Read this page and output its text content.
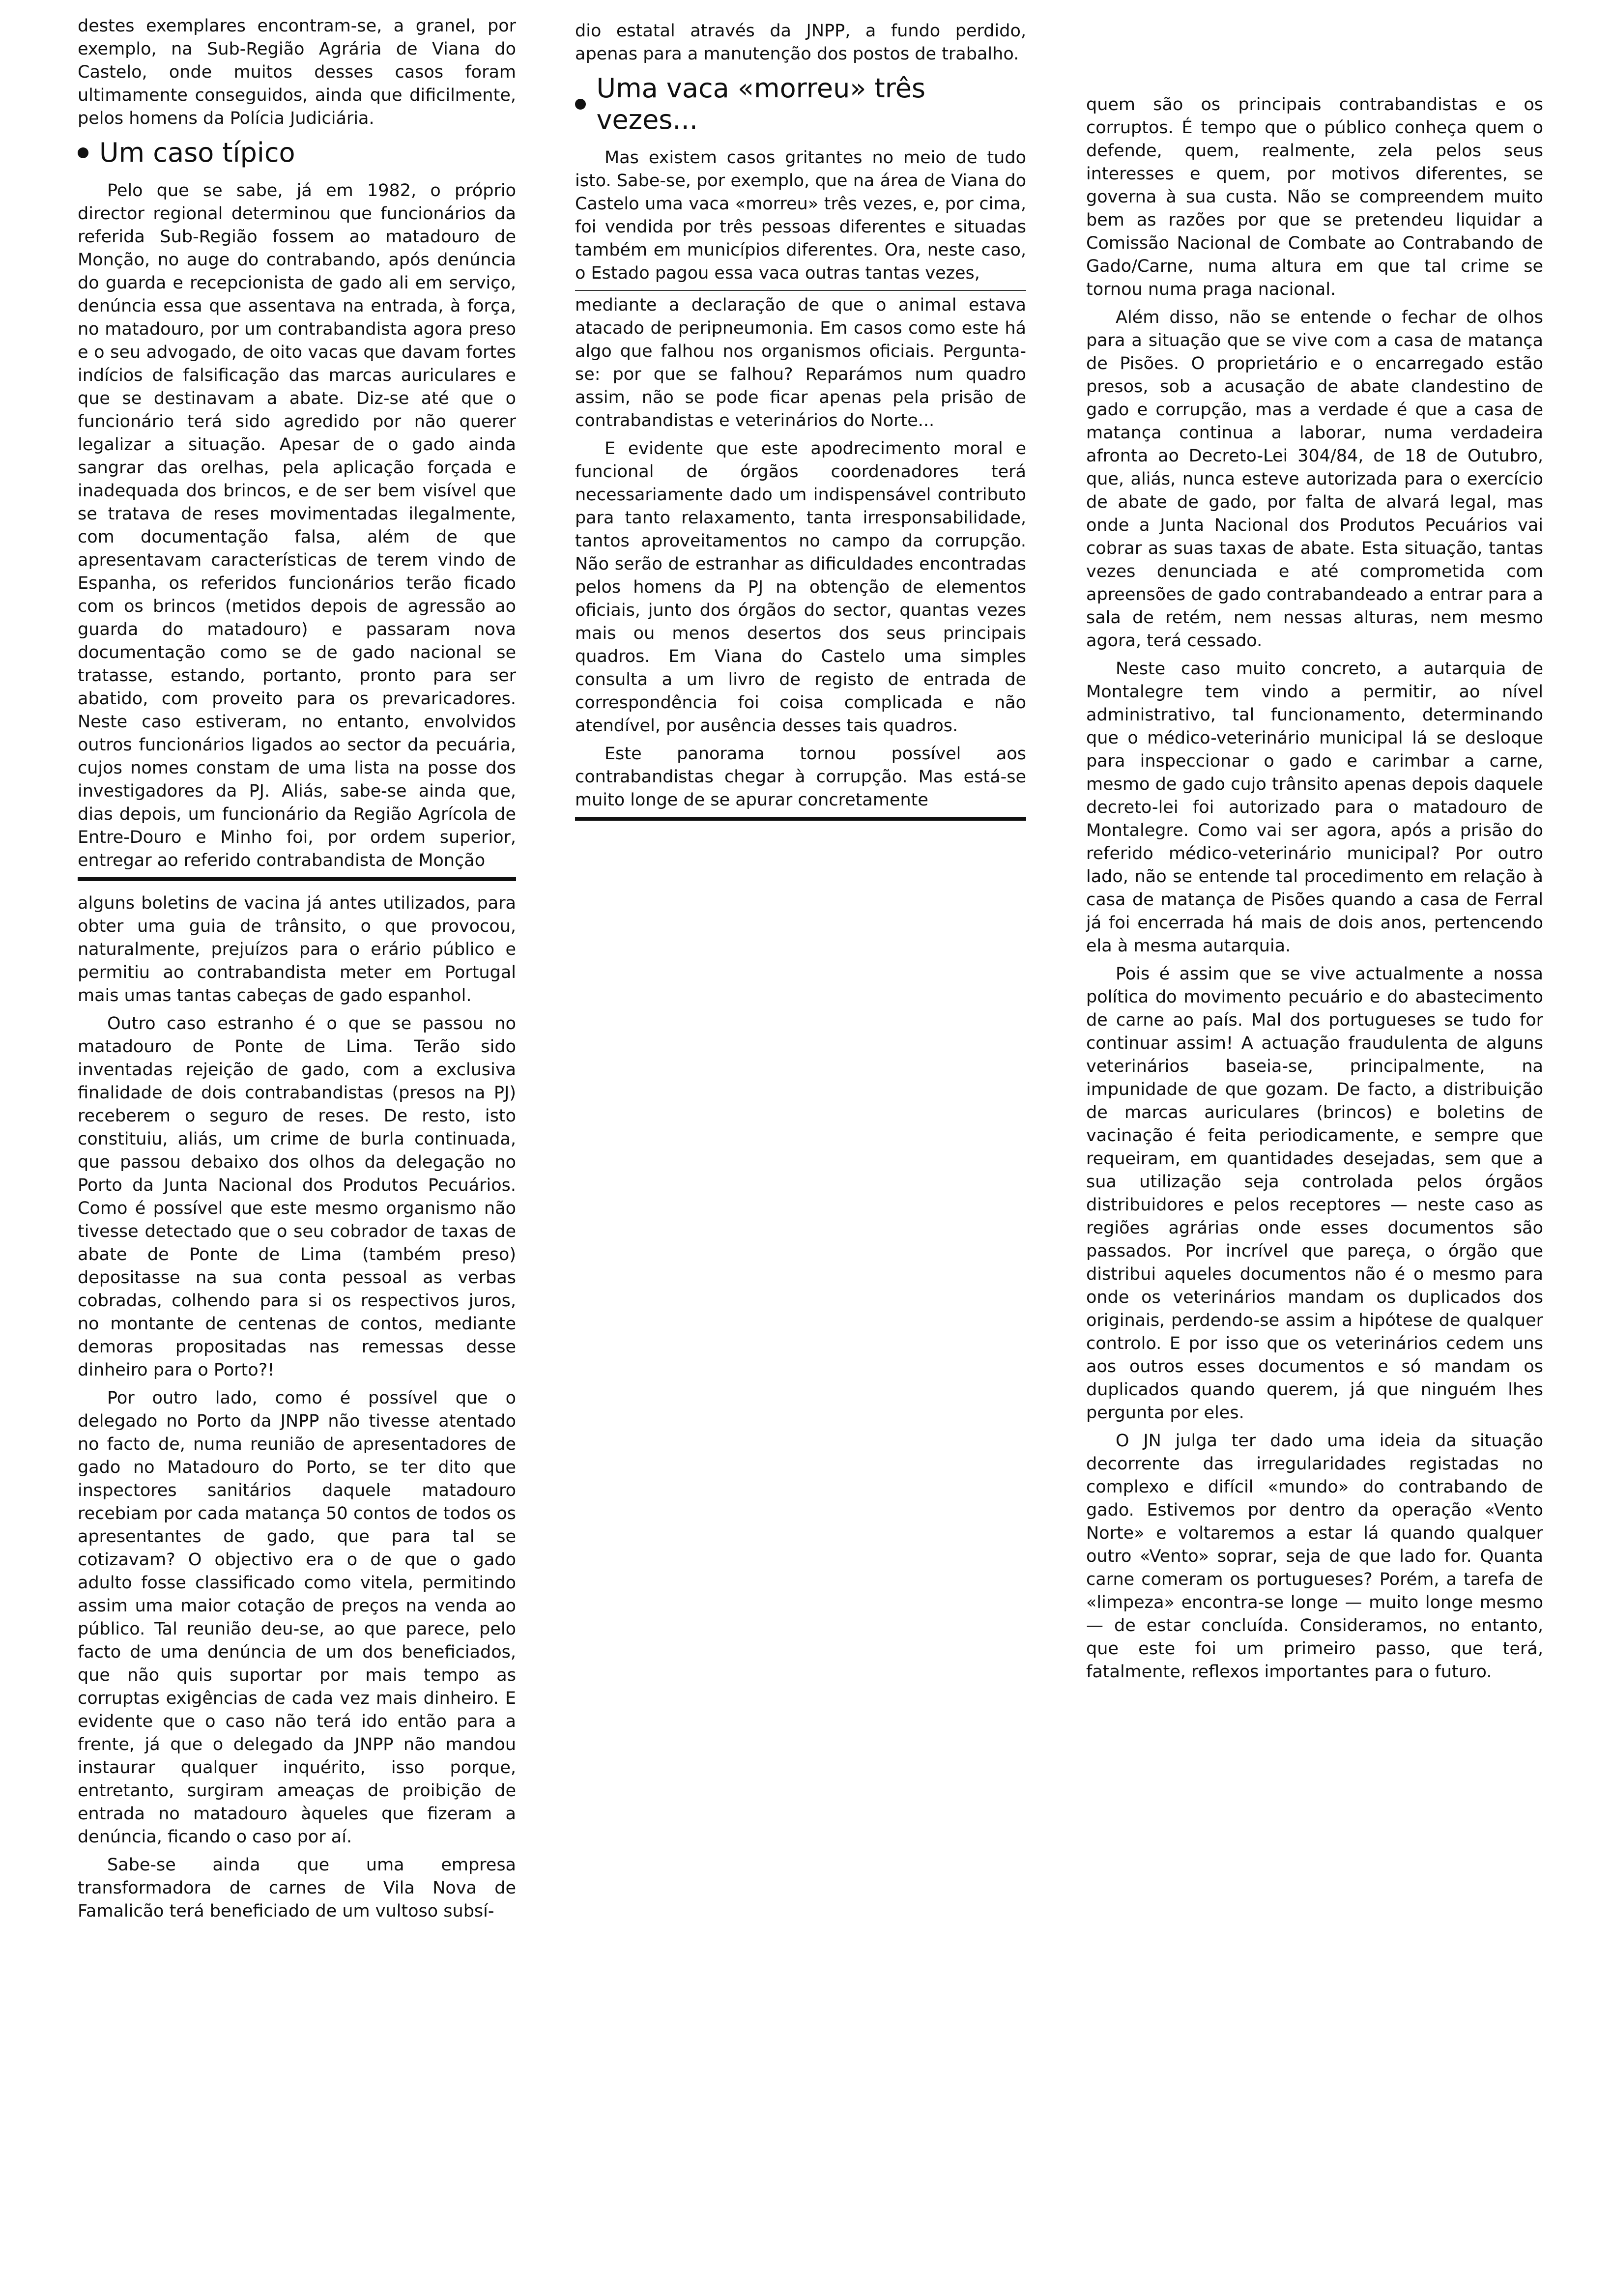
destes exemplares encontram-se, a granel, por exemplo, na Sub-Região Agrária de Viana do Castelo, onde muitos desses casos foram ultimamente conseguidos, ainda que dificilmente, pelos homens da Polícia Judiciária.

Um caso típico

Pelo que se sabe, já em 1982, o próprio director regional determinou que funcionários da referida Sub-Região fossem ao matadouro de Monção, no auge do contrabando, após denúncia do guarda e recepcionista de gado ali em serviço, denúncia essa que assentava na entrada, à força, no matadouro, por um contrabandista agora preso e o seu advogado, de oito vacas que davam fortes indícios de falsificação das marcas auriculares e que se destinavam a abate. Diz-se até que o funcionário terá sido agredido por não querer legalizar a situação. Apesar de o gado ainda sangrar das orelhas, pela aplicação forçada e inadequada dos brincos, e de ser bem visível que se tratava de reses movimentadas ilegalmente, com documentação falsa, além de que apresentavam características de terem vindo de Espanha, os referidos funcionários terão ficado com os brincos (metidos depois de agressão ao guarda do matadouro) e passaram nova documentação como se de gado nacional se tratasse, estando, portanto, pronto para ser abatido, com proveito para os prevaricadores. Neste caso estiveram, no entanto, envolvidos outros funcionários ligados ao sector da pecuária, cujos nomes constam de uma lista na posse dos investigadores da PJ. Aliás, sabe-se ainda que, dias depois, um funcionário da Região Agrícola de Entre-Douro e Minho foi, por ordem superior, entregar ao referido contrabandista de Monção

alguns boletins de vacina já antes utilizados, para obter uma guia de trânsito, o que provocou, naturalmente, prejuízos para o erário público e permitiu ao contrabandista meter em Portugal mais umas tantas cabeças de gado espanhol.

Outro caso estranho é o que se passou no matadouro de Ponte de Lima. Terão sido inventadas rejeição de gado, com a exclusiva finalidade de dois contrabandistas (presos na PJ) receberem o seguro de reses. De resto, isto constituiu, aliás, um crime de burla continuada, que passou debaixo dos olhos da delegação no Porto da Junta Nacional dos Produtos Pecuários. Como é possível que este mesmo organismo não tivesse detectado que o seu cobrador de taxas de abate de Ponte de Lima (também preso) depositasse na sua conta pessoal as verbas cobradas, colhendo para si os respectivos juros, no montante de centenas de contos, mediante demoras propositadas nas remessas desse dinheiro para o Porto?!

Por outro lado, como é possível que o delegado no Porto da JNPP não tivesse atentado no facto de, numa reunião de apresentadores de gado no Matadouro do Porto, se ter dito que inspectores sanitários daquele matadouro recebiam por cada matança 50 contos de todos os apresentantes de gado, que para tal se cotizavam? O objectivo era o de que o gado adulto fosse classificado como vitela, permitindo assim uma maior cotação de preços na venda ao público. Tal reunião deu-se, ao que parece, pelo facto de uma denúncia de um dos beneficiados, que não quis suportar por mais tempo as corruptas exigências de cada vez mais dinheiro. E evidente que o caso não terá ido então para a frente, já que o delegado da JNPP não mandou instaurar qualquer inquérito, isso porque, entretanto, surgiram ameaças de proibição de entrada no matadouro àqueles que fizeram a denúncia, ficando o caso por aí.

Sabe-se ainda que uma empresa transformadora de carnes de Vila Nova de Famalicão terá beneficiado de um vultoso subsí-

dio estatal através da JNPP, a fundo perdido, apenas para a manutenção dos postos de trabalho.

Uma vaca «morreu» três vezes...

Mas existem casos gritantes no meio de tudo isto. Sabe-se, por exemplo, que na área de Viana do Castelo uma vaca «morreu» três vezes, e, por cima, foi vendida por três pessoas diferentes e situadas também em municípios diferentes. Ora, neste caso, o Estado pagou essa vaca outras tantas vezes,

mediante a declaração de que o animal estava atacado de peripneumonia. Em casos como este há algo que falhou nos organismos oficiais. Pergunta-se: por que se falhou? Reparámos num quadro assim, não se pode ficar apenas pela prisão de contrabandistas e veterinários do Norte...

E evidente que este apodrecimento moral e funcional de órgãos coordenadores terá necessariamente dado um indispensável contributo para tanto relaxamento, tanta irresponsabilidade, tantos aproveitamentos no campo da corrupção. Não serão de estranhar as dificuldades encontradas pelos homens da PJ na obtenção de elementos oficiais, junto dos órgãos do sector, quantas vezes mais ou menos desertos dos seus principais quadros. Em Viana do Castelo uma simples consulta a um livro de registo de entrada de correspondência foi coisa complicada e não atendível, por ausência desses tais quadros.

Este panorama tornou possível aos contrabandistas chegar à corrupção. Mas está-se muito longe de se apurar concretamente

quem são os principais contrabandistas e os corruptos. É tempo que o público conheça quem o defende, quem, realmente, zela pelos seus interesses e quem, por motivos diferentes, se governa à sua custa. Não se compreendem muito bem as razões por que se pretendeu liquidar a Comissão Nacional de Combate ao Contrabando de Gado/Carne, numa altura em que tal crime se tornou numa praga nacional.

Além disso, não se entende o fechar de olhos para a situação que se vive com a casa de matança de Pisões. O proprietário e o encarregado estão presos, sob a acusação de abate clandestino de gado e corrupção, mas a verdade é que a casa de matança continua a laborar, numa verdadeira afronta ao Decreto-Lei 304/84, de 18 de Outubro, que, aliás, nunca esteve autorizada para o exercício de abate de gado, por falta de alvará legal, mas onde a Junta Nacional dos Produtos Pecuários vai cobrar as suas taxas de abate. Esta situação, tantas vezes denunciada e até comprometida com apreensões de gado contrabandeado a entrar para a sala de retém, nem nessas alturas, nem mesmo agora, terá cessado.

Neste caso muito concreto, a autarquia de Montalegre tem vindo a permitir, ao nível administrativo, tal funcionamento, determinando que o médico-veterinário municipal lá se desloque para inspeccionar o gado e carimbar a carne, mesmo de gado cujo trânsito apenas depois daquele decreto-lei foi autorizado para o matadouro de Montalegre. Como vai ser agora, após a prisão do referido médico-veterinário municipal? Por outro lado, não se entende tal procedimento em relação à casa de matança de Pisões quando a casa de Ferral já foi encerrada há mais de dois anos, pertencendo ela à mesma autarquia.

Pois é assim que se vive actualmente a nossa política do movimento pecuário e do abastecimento de carne ao país. Mal dos portugueses se tudo for continuar assim! A actuação fraudulenta de alguns veterinários baseia-se, principalmente, na impunidade de que gozam. De facto, a distribuição de marcas auriculares (brincos) e boletins de vacinação é feita periodicamente, e sempre que requeiram, em quantidades desejadas, sem que a sua utilização seja controlada pelos órgãos distribuidores e pelos receptores — neste caso as regiões agrárias onde esses documentos são passados. Por incrível que pareça, o órgão que distribui aqueles documentos não é o mesmo para onde os veterinários mandam os duplicados dos originais, perdendo-se assim a hipótese de qualquer controlo. E por isso que os veterinários cedem uns aos outros esses documentos e só mandam os duplicados quando querem, já que ninguém lhes pergunta por eles.

O JN julga ter dado uma ideia da situação decorrente das irregularidades registadas no complexo e difícil «mundo» do contrabando de gado. Estivemos por dentro da operação «Vento Norte» e voltaremos a estar lá quando qualquer outro «Vento» soprar, seja de que lado for. Quanta carne comeram os portugueses? Porém, a tarefa de «limpeza» encontra-se longe — muito longe mesmo — de estar concluída. Consideramos, no entanto, que este foi um primeiro passo, que terá, fatalmente, reflexos importantes para o futuro.
